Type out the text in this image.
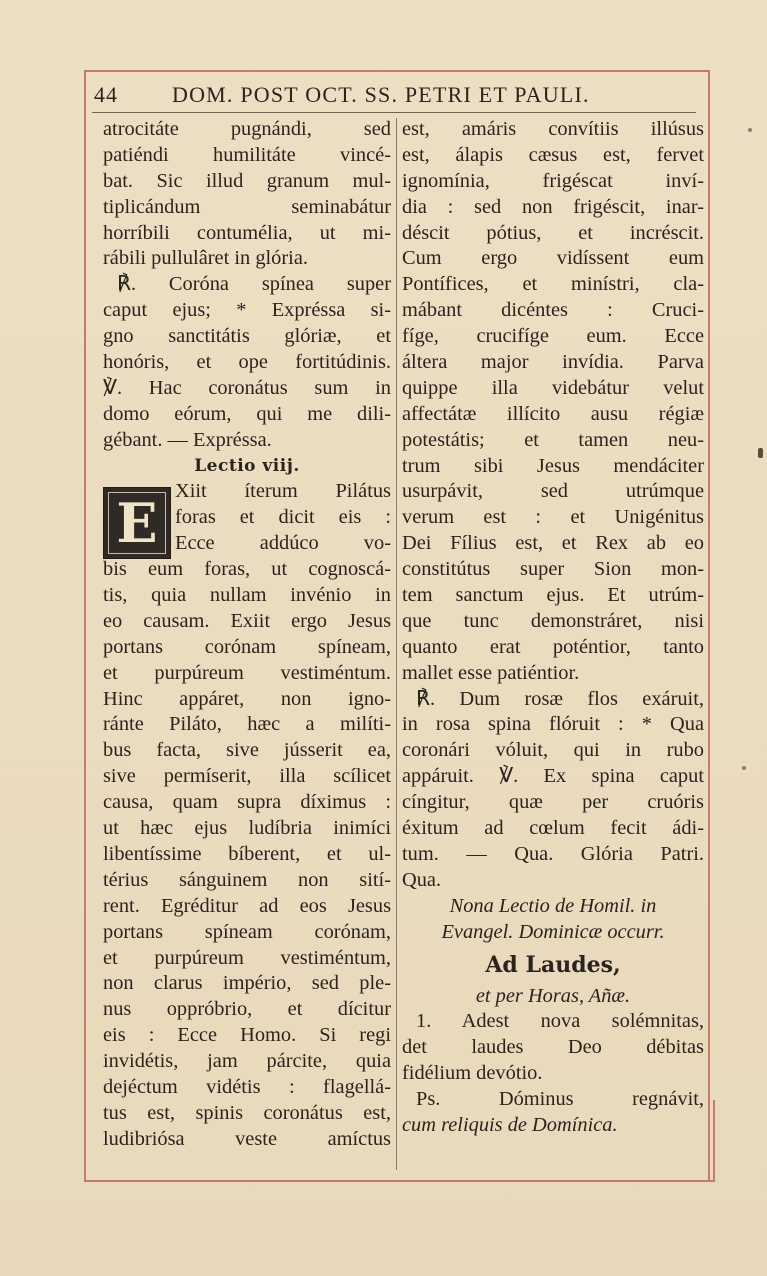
44 DOM. POST OCT. SS. PETRI ET PAULI.
E
atrocitáte pugnándi, sed
patiéndi humilitáte vincé-
bat. Sic illud granum mul-
tiplicándum seminabátur
horríbili contumélia, ut mi-
rábili pullulâret in glória.
℟. Coróna spínea super
caput ejus; * Expréssa si-
gno sanctitátis glóriæ, et
honóris, et ope fortitúdinis.
℣. Hac coronátus sum in
domo eórum, qui me dili-
gébant. — Expréssa.
Lectio viij.
Xiit íterum Pilátus
foras et dicit eis :
Ecce addúco vo-
bis eum foras, ut cognoscá-
tis, quia nullam invénio in
eo causam. Exiit ergo Jesus
portans corónam spíneam,
et purpúreum vestiméntum.
Hinc appáret, non igno-
ránte Piláto, hæc a milíti-
bus facta, sive jússerit ea,
sive permíserit, illa scílicet
causa, quam supra díximus :
ut hæc ejus ludíbria inimíci
libentíssime bíberent, et ul-
térius sánguinem non sití-
rent. Egréditur ad eos Jesus
portans spíneam corónam,
et purpúreum vestiméntum,
non clarus império, sed ple-
nus oppróbrio, et dícitur
eis : Ecce Homo. Si regi
invidétis, jam párcite, quia
dejéctum vidétis : flagellá-
tus est, spinis coronátus est,
ludibriósa veste amíctus
est, amáris convítiis illúsus
est, álapis cæsus est, fervet
ignomínia, frigéscat inví-
dia : sed non frigéscit, inar-
déscit pótius, et incréscit.
Cum ergo vidíssent eum
Pontífices, et minístri, cla-
mábant dicéntes : Cruci-
fíge, crucifíge eum. Ecce
áltera major invídia. Parva
quippe illa videbátur velut
affectátæ illícito ausu régiæ
potestátis; et tamen neu-
trum sibi Jesus mendáciter
usurpávit, sed utrúmque
verum est : et Unigénitus
Dei Fílius est, et Rex ab eo
constitútus super Sion mon-
tem sanctum ejus. Et utrúm-
que tunc demonstráret, nisi
quanto erat poténtior, tanto
mallet esse patiéntior.
℟. Dum rosæ flos exáruit,
in rosa spina flóruit : * Qua
coronári vóluit, qui in rubo
appáruit. ℣. Ex spina caput
cíngitur, quæ per cruóris
éxitum ad cœlum fecit ádi-
tum. — Qua. Glória Patri.
Qua.
Nona Lectio de Homil. in
Evangel. Dominicæ occurr.
Ad Laudes,
et per Horas, Añæ.
1. Adest nova solémnitas,
det laudes Deo débitas
fidélium devótio.
Ps. Dóminus regnávit,
cum reliquis de Domínica.
